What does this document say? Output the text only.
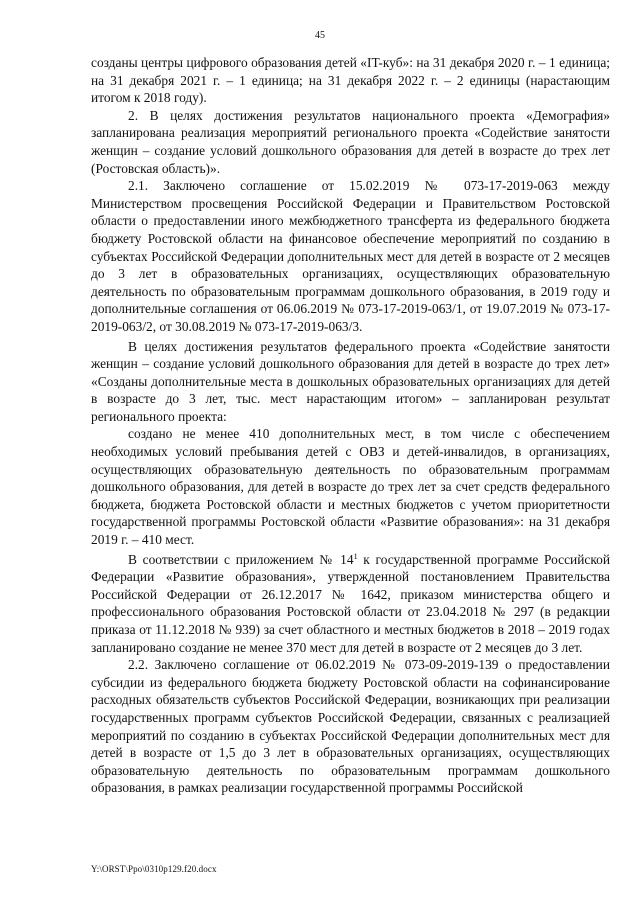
45

созданы центры цифрового образования детей «IT-куб»: на 31 декабря 2020 г. – 1 единица; на 31 декабря 2021 г. – 1 единица; на 31 декабря 2022 г. – 2 единицы (нарастающим итогом к 2018 году).

2. В целях достижения результатов национального проекта «Демография» запланирована реализация мероприятий регионального проекта «Содействие занятости женщин – создание условий дошкольного образования для детей в возрасте до трех лет (Ростовская область)».

2.1. Заключено соглашение от 15.02.2019 № 073-17-2019-063 между Министерством просвещения Российской Федерации и Правительством Ростовской области о предоставлении иного межбюджетного трансферта из федерального бюджета бюджету Ростовской области на финансовое обеспечение мероприятий по созданию в субъектах Российской Федерации дополнительных мест для детей в возрасте от 2 месяцев до 3 лет в образовательных организациях, осуществляющих образовательную деятельность по образовательным программам дошкольного образования, в 2019 году и дополнительные соглашения от 06.06.2019 № 073-17-2019-063/1, от 19.07.2019 № 073-17-2019-063/2, от 30.08.2019 № 073-17-2019-063/3.

В целях достижения результатов федерального проекта «Содействие занятости женщин – создание условий дошкольного образования для детей в возрасте до трех лет» «Созданы дополнительные места в дошкольных образовательных организациях для детей в возрасте до 3 лет, тыс. мест нарастающим итогом» – запланирован результат регионального проекта:

создано не менее 410 дополнительных мест, в том числе с обеспечением необходимых условий пребывания детей с ОВЗ и детей-инвалидов, в организациях, осуществляющих образовательную деятельность по образовательным программам дошкольного образования, для детей в возрасте до трех лет за счет средств федерального бюджета, бюджета Ростовской области и местных бюджетов с учетом приоритетности государственной программы Ростовской области «Развитие образования»: на 31 декабря 2019 г. – 410 мест.

В соответствии с приложением № $14^1$ к государственной программе Российской Федерации «Развитие образования», утвержденной постановлением Правительства Российской Федерации от 26.12.2017 № 1642, приказом министерства общего и профессионального образования Ростовской области от 23.04.2018 № 297 (в редакции приказа от 11.12.2018 № 939) за счет областного и местных бюджетов в 2018 – 2019 годах запланировано создание не менее 370 мест для детей в возрасте от 2 месяцев до 3 лет.

2.2. Заключено соглашение от 06.02.2019 № 073-09-2019-139 о предоставлении субсидии из федерального бюджета бюджету Ростовской области на софинансирование расходных обязательств субъектов Российской Федерации, возникающих при реализации государственных программ субъектов Российской Федерации, связанных с реализацией мероприятий по созданию в субъектах Российской Федерации дополнительных мест для детей в возрасте от 1,5 до 3 лет в образовательных организациях, осуществляющих образовательную деятельность по образовательным программам дошкольного образования, в рамках реализации государственной программы Российской

Y:\ORST\Ppo\0310p129.f20.docx
